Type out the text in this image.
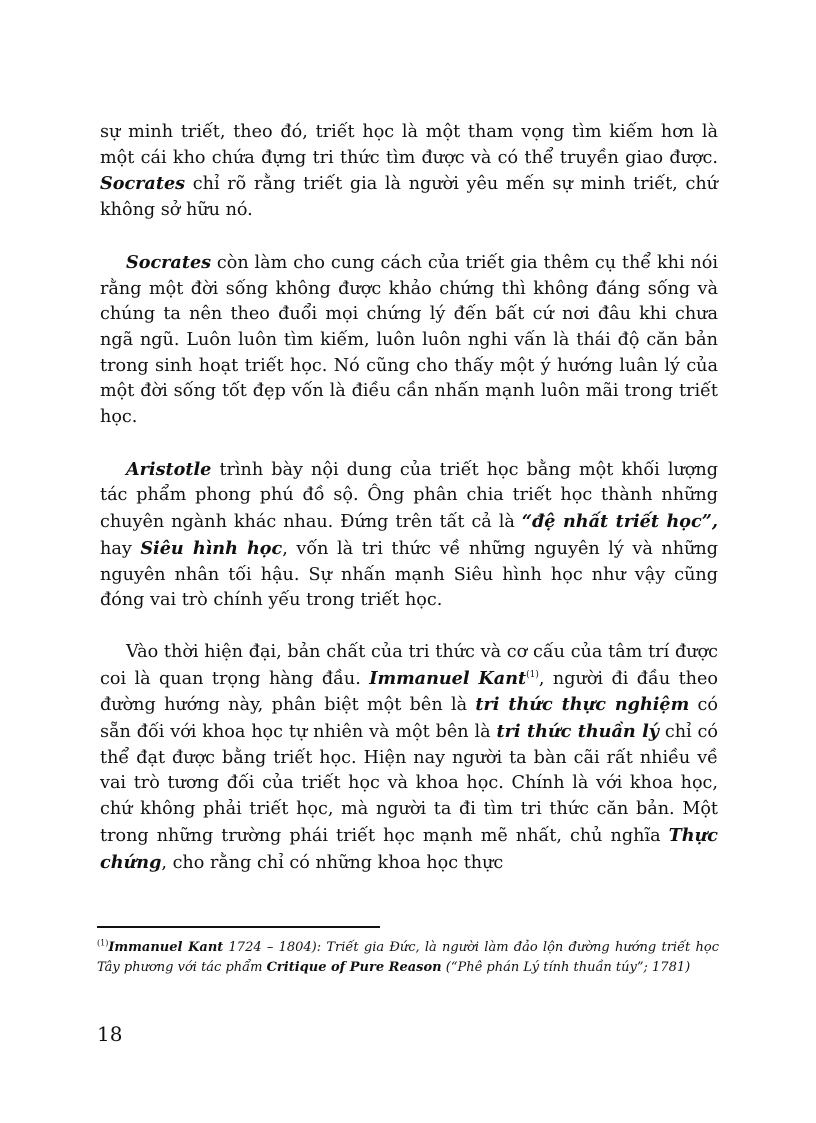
sự minh triết, theo đó, triết học là một tham vọng tìm kiếm hơn là một cái kho chứa đựng tri thức tìm được và có thể truyền giao được. Socrates chỉ rõ rằng triết gia là người yêu mến sự minh triết, chứ không sở hữu nó.

Socrates còn làm cho cung cách của triết gia thêm cụ thể khi nói rằng một đời sống không được khảo chứng thì không đáng sống và chúng ta nên theo đuổi mọi chứng lý đến bất cứ nơi đâu khi chưa ngã ngũ. Luôn luôn tìm kiếm, luôn luôn nghi vấn là thái độ căn bản trong sinh hoạt triết học. Nó cũng cho thấy một ý hướng luân lý của một đời sống tốt đẹp vốn là điều cần nhấn mạnh luôn mãi trong triết học.

Aristotle trình bày nội dung của triết học bằng một khối lượng tác phẩm phong phú đồ sộ. Ông phân chia triết học thành những chuyên ngành khác nhau. Đứng trên tất cả là “đệ nhất triết học”, hay Siêu hình học, vốn là tri thức về những nguyên lý và những nguyên nhân tối hậu. Sự nhấn mạnh Siêu hình học như vậy cũng đóng vai trò chính yếu trong triết học.

Vào thời hiện đại, bản chất của tri thức và cơ cấu của tâm trí được coi là quan trọng hàng đầu. Immanuel Kant$^{(1)}$, người đi đầu theo đường hướng này, phân biệt một bên là tri thức thực nghiệm có sẵn đối với khoa học tự nhiên và một bên là tri thức thuần lý chỉ có thể đạt được bằng triết học. Hiện nay người ta bàn cãi rất nhiều về vai trò tương đối của triết học và khoa học. Chính là với khoa học, chứ không phải triết học, mà người ta đi tìm tri thức căn bản. Một trong những trường phái triết học mạnh mẽ nhất, chủ nghĩa Thực chứng, cho rằng chỉ có những khoa học thực

$^{(1)}$Immanuel Kant 1724 – 1804): Triết gia Đức, là người làm đảo lộn đường hướng triết học Tây phương với tác phẩm Critique of Pure Reason (“Phê phán Lý tính thuần túy”; 1781)

18
